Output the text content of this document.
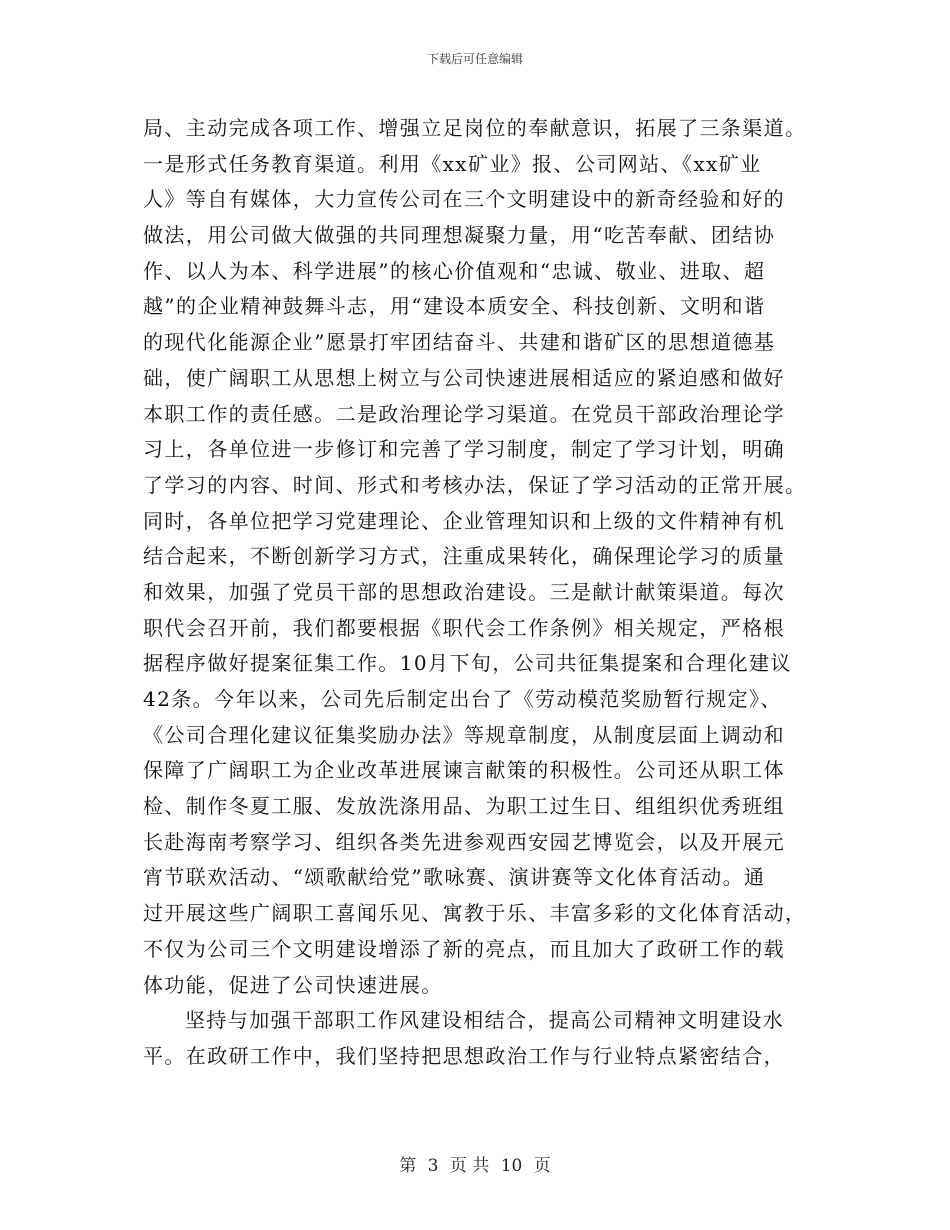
下载后可任意编辑
局、主动完成各项工作、增强立足岗位的奉献意识，拓展了三条渠道。
一是形式任务教育渠道。利用《xx矿业》报、公司网站、《xx矿业
人》等自有媒体，大力宣传公司在三个文明建设中的新奇经验和好的
做法，用公司做大做强的共同理想凝聚力量，用“吃苦奉献、团结协
作、以人为本、科学进展”的核心价值观和“忠诚、敬业、进取、超
越”的企业精神鼓舞斗志，用“建设本质安全、科技创新、文明和谐
的现代化能源企业”愿景打牢团结奋斗、共建和谐矿区的思想道德基
础，使广阔职工从思想上树立与公司快速进展相适应的紧迫感和做好
本职工作的责任感。二是政治理论学习渠道。在党员干部政治理论学
习上，各单位进一步修订和完善了学习制度，制定了学习计划，明确
了学习的内容、时间、形式和考核办法，保证了学习活动的正常开展。
同时，各单位把学习党建理论、企业管理知识和上级的文件精神有机
结合起来，不断创新学习方式，注重成果转化，确保理论学习的质量
和效果，加强了党员干部的思想政治建设。三是献计献策渠道。每次
职代会召开前，我们都要根据《职代会工作条例》相关规定，严格根
据程序做好提案征集工作。10月下旬，公司共征集提案和合理化建议
42条。今年以来，公司先后制定出台了《劳动模范奖励暂行规定》、
《公司合理化建议征集奖励办法》等规章制度，从制度层面上调动和
保障了广阔职工为企业改革进展谏言献策的积极性。公司还从职工体
检、制作冬夏工服、发放洗涤用品、为职工过生日、组组织优秀班组
长赴海南考察学习、组织各类先进参观西安园艺博览会，以及开展元
宵节联欢活动、“颂歌献给党”歌咏赛、演讲赛等文化体育活动。通
过开展这些广阔职工喜闻乐见、寓教于乐、丰富多彩的文化体育活动，
不仅为公司三个文明建设增添了新的亮点，而且加大了政研工作的载
体功能，促进了公司快速进展。
坚持与加强干部职工作风建设相结合，提高公司精神文明建设水
平。在政研工作中，我们坚持把思想政治工作与行业特点紧密结合，
第 3 页 共 10 页
